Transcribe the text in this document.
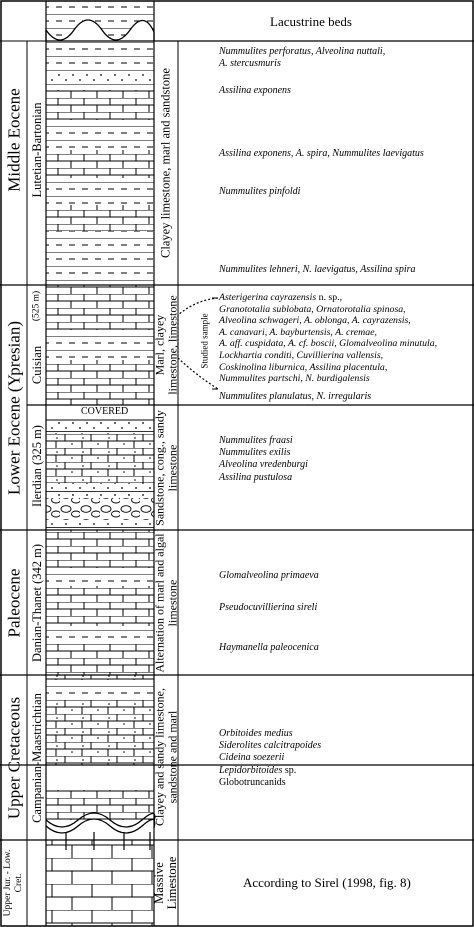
Lacustrine beds
Middle Eocene Lutetian-Bartonian
Lower Eocene (Ypresian) Cuisian
(525 m)
Ilerdian (325 m)
Paleocene Danian-Thanet (342 m)
Upper Cretaceous Campanian-Maastrichtian
Upper Jur. - Low. Cret.
Clayey limestone, marl and sandstone
Marl, clayey limestone, limestone
Sandstone, cong., sandy limestone
Alternation of marl and algal limestone
Clayey and sandy limestone, sandstone and marl
Massive Limestone
COVERED
Studied sample
Nummulites perforatus, Alveolina nuttali,
A. stercusmuris
Assilina exponens
Assilina exponens, A. spira, Nummulites laevigatus
Nummulites pinfoldi
Nummulites lehneri, N. laevigatus, Assilina spira
Asterigerina cayrazensis n. sp.,
Granototalia sublobata, Ornatorotalia spinosa,
Alveolina schwageri, A. oblonga, A. cayrazensis,
A. canavari, A. bayburtensis, A. cremae,
A. aff. cuspidata, A. cf. boscii, Glomalveolina minutula,
Lockhartia conditi, Cuvillierina vallensis,
Coskinolina liburnica, Assilina placentula,
Nummulites partschi, N. burdigalensis
Nummulites planulatus, N. irregularis
Nummulites fraasi
Nummulites exilis
Alveolina vredenburgi
Assilina pustulosa
Glomalveolina primaeva
Pseudocuvillierina sireli
Haymanella paleocenica
Orbitoides medius
Siderolites calcitrapoides
Cideina soezerii
Lepidorbitoides sp.
Globotruncanids
According to Sirel (1998, fig. 8)
